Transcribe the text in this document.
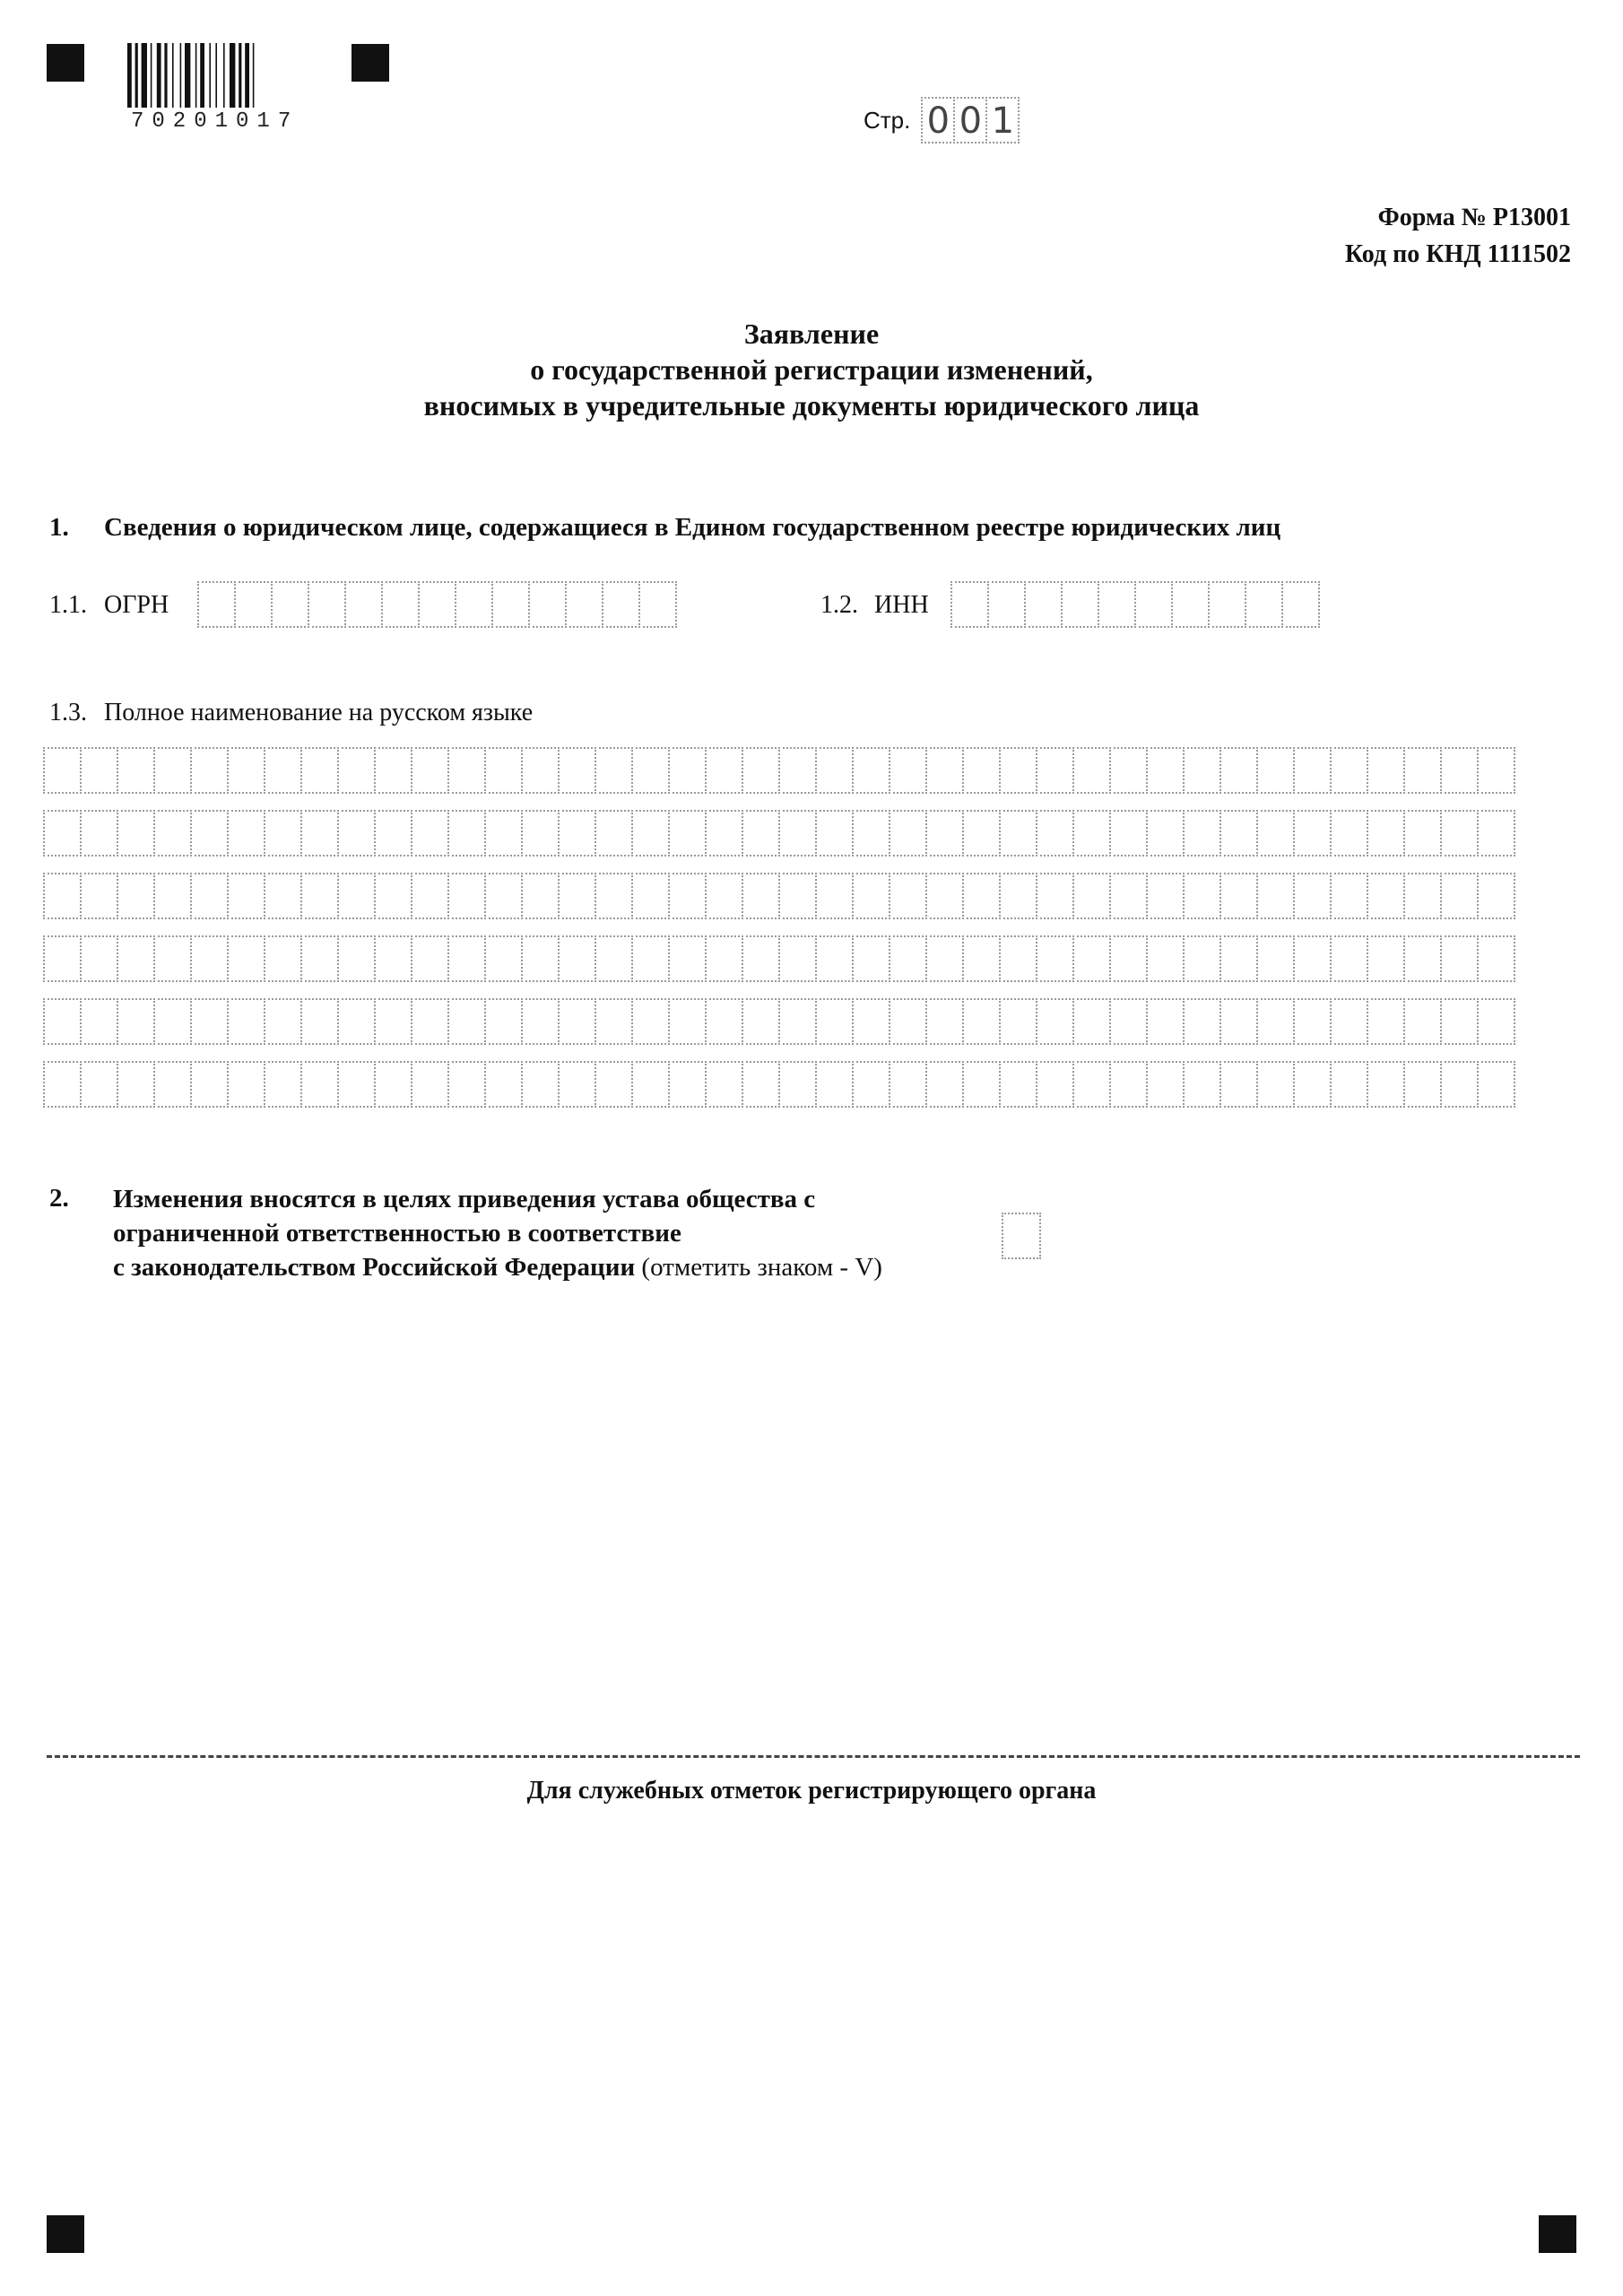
70201017	Стр. 0 0 1
Форма № Р13001
Код по КНД 1111502
Заявление
о государственной регистрации изменений,
вносимых в учредительные документы юридического лица
1. Сведения о юридическом лице, содержащиеся в Едином государственном реестре юридических лиц
1.1. ОГРН	1.2. ИНН
1.3. Полное наименование на русском языке
2. Изменения вносятся в целях приведения устава общества с
ограниченной ответственностью в соответствие
с законодательством Российской Федерации (отметить знаком - V)
Для служебных отметок регистрирующего органа
